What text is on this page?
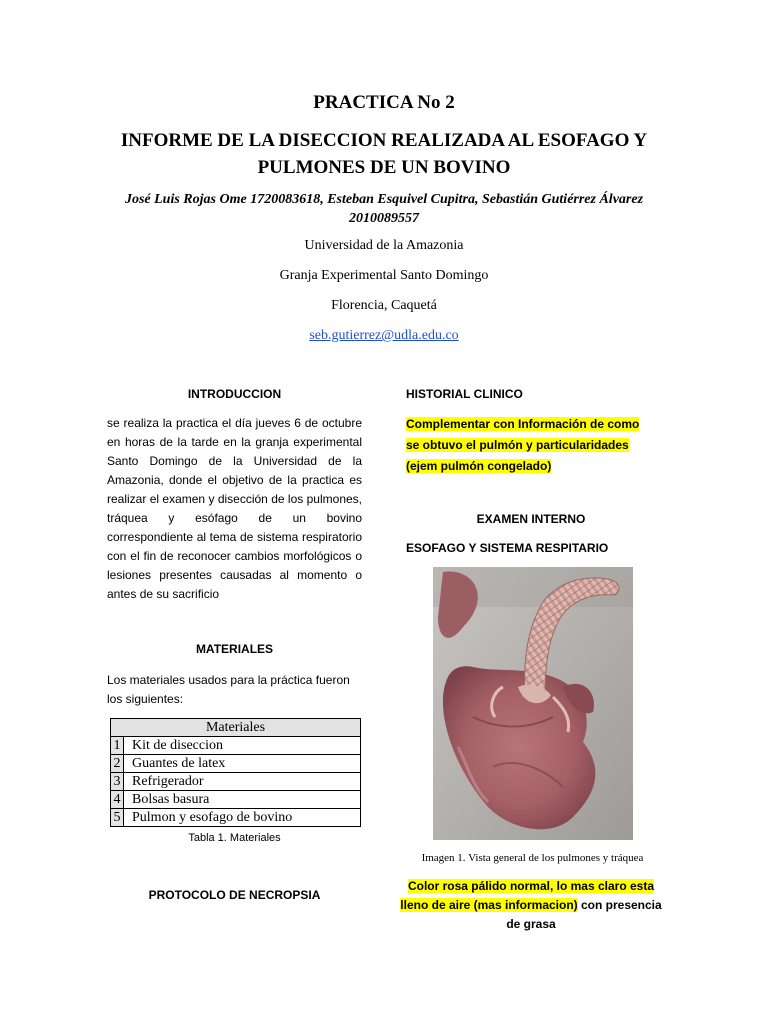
PRACTICA No 2
INFORME DE LA DISECCION REALIZADA AL ESOFAGO Y PULMONES DE UN BOVINO
José Luis Rojas Ome 1720083618, Esteban Esquivel Cupitra, Sebastián Gutiérrez Álvarez 2010089557
Universidad de la Amazonia
Granja Experimental Santo Domingo
Florencia, Caquetá
seb.gutierrez@udla.edu.co
INTRODUCCION
se realiza la practica el día jueves 6 de octubre en horas de la tarde en la granja experimental Santo Domingo de la Universidad de la Amazonia, donde el objetivo de la practica es realizar el examen y disección de los pulmones, tráquea y esófago de un bovino correspondiente al tema de sistema respiratorio con el fin de reconocer cambios morfológicos o lesiones presentes causadas al momento o antes de su sacrificio
MATERIALES
Los materiales usados para la práctica fueron los siguientes:
Materiales	
1	Kit de diseccion
2	Guantes de latex
3	Refrigerador
4	Bolsas basura
5	Pulmon y esofago de bovino
Tabla 1. Materiales
PROTOCOLO DE NECROPSIA
HISTORIAL CLINICO
Complementar con Información de como se obtuvo el pulmón y particularidades (ejem pulmón congelado)
EXAMEN INTERNO
ESOFAGO Y SISTEMA RESPITARIO
Imagen 1. Vista general de los pulmones y tráquea
Color rosa pálido normal, lo mas claro esta lleno de aire (mas informacion) con presencia de grasa
